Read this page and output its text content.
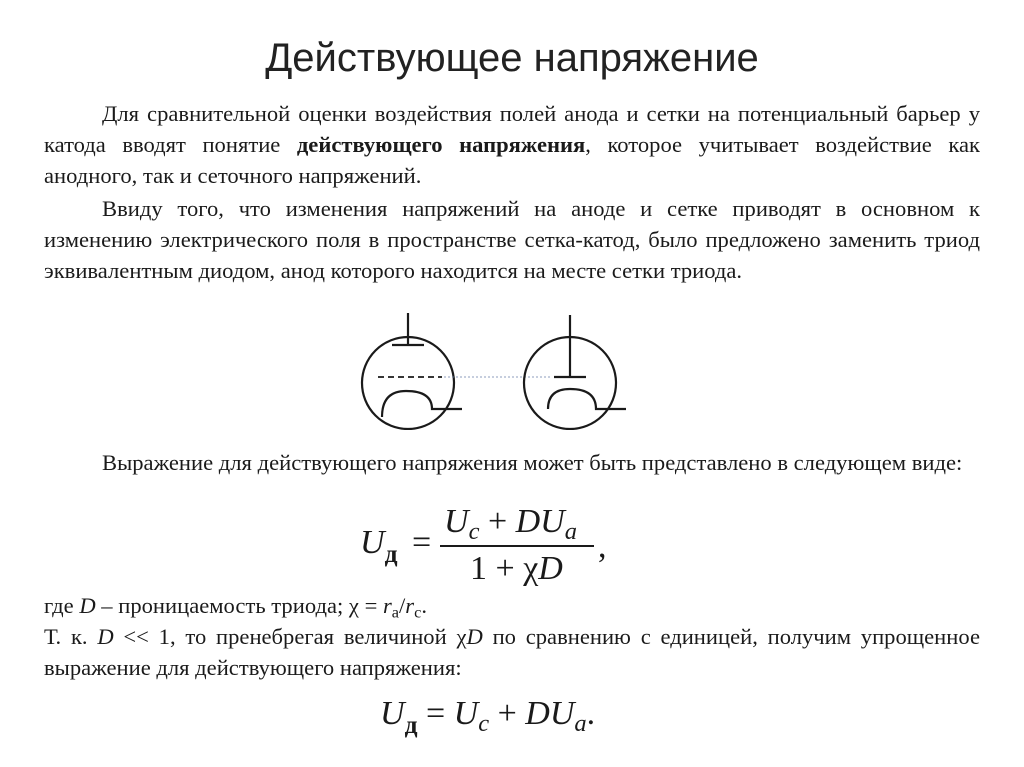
Действующее напряжение

Для сравнительной оценки воздействия полей анода и сетки на потенциальный барьер у катода вводят понятие действующего напряжения, которое учитывает воздействие как анодного, так и сеточного напряжений.

Ввиду того, что изменения напряжений на аноде и сетке приводят в основном к изменению электрического поля в пространстве сетка-катод, было предложено заменить триод эквивалентным диодом, анод которого находится на месте сетки триода.

Выражение для действующего напряжения может быть представлено в следующем виде:

$U_д$ =
$U_c + DU_a$
1 + χD
,

где D – проницаемость триода; $\chi = r_a/r_c$.

Т. к. D << 1, то пренебрегая величиной χD по сравнению с единицей, получим упрощенное выражение для действующего напряжения:

$U_д = U_c + DU_a$.
